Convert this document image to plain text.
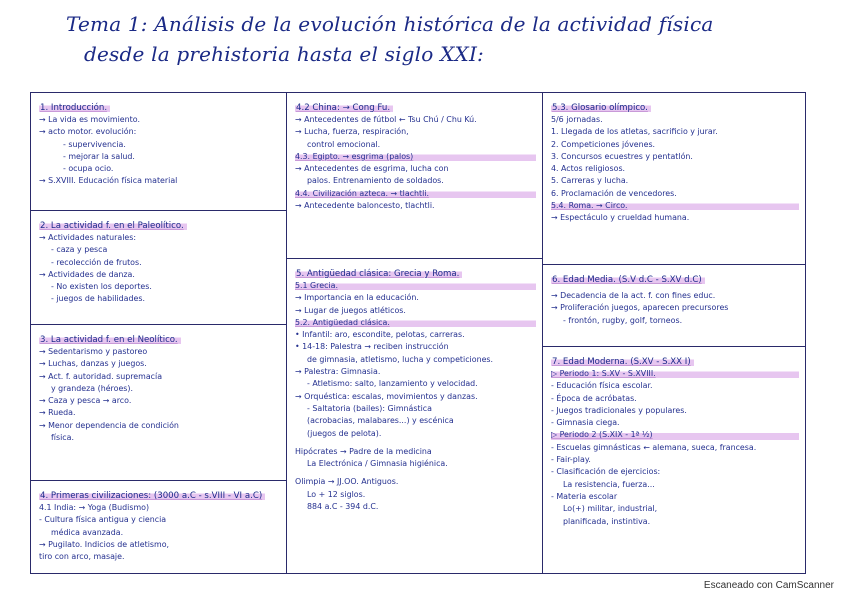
Tema 1: Análisis de la evolución histórica de la actividad física
desde la prehistoria hasta el siglo XXI:
1. Introducción.
→ La vida es movimiento.
→ acto motor. evolución:
- supervivencia.
- mejorar la salud.
- ocupa ocio.
→ S.XVIII. Educación física material
2. La actividad f. en el Paleolítico.
→ Actividades naturales:
- caza y pesca
- recolección de frutos.
→ Actividades de danza.
- No existen los deportes.
- juegos de habilidades.
3. La actividad f. en el Neolítico.
→ Sedentarismo y pastoreo
→ Luchas, danzas y juegos.
→ Act. f. autoridad. supremacía
y grandeza (héroes).
→ Caza y pesca → arco.
→ Rueda.
→ Menor dependencia de condición
física.
4. Primeras civilizaciones: (3000 a.C - s.VIII - VI a.C)
4.1 India: → Yoga (Budismo)
- Cultura física antigua y ciencia
médica avanzada.
→ Pugilato. Indicios de atletismo,
tiro con arco, masaje.
4.2 China: → Cong Fu.
→ Antecedentes de fútbol ← Tsu Chú / Chu Kú.
→ Lucha, fuerza, respiración,
control emocional.
4.3. Egipto. → esgrima (palos)
→ Antecedentes de esgrima, lucha con
palos. Entrenamiento de soldados.
4.4. Civilización azteca. → tlachtli.
→ Antecedente baloncesto, tlachtli.
5. Antigüedad clásica: Grecia y Roma.
5.1 Grecia.
→ Importancia en la educación.
→ Lugar de juegos atléticos.
5.2. Antigüedad clásica.
• Infantil: aro, escondite, pelotas, carreras.
• 14-18: Palestra → reciben instrucción
de gimnasia, atletismo, lucha y competiciones.
→ Palestra: Gimnasia.
- Atletismo: salto, lanzamiento y velocidad.
→ Orquéstica: escalas, movimientos y danzas.
- Saltatoria (bailes): Gimnástica
(acrobacias, malabares...) y escénica
(juegos de pelota).
Hipócrates → Padre de la medicina
La Electrónica / Gimnasia higiénica.
Olimpia → JJ.OO. Antiguos.
Lo + 12 siglos.
884 a.C - 394 d.C.
5.3. Glosario olímpico.
5/6 jornadas.
1. Llegada de los atletas, sacrificio y jurar.
2. Competiciones jóvenes.
3. Concursos ecuestres y pentatlón.
4. Actos religiosos.
5. Carreras y lucha.
6. Proclamación de vencedores.
5.4. Roma. → Circo.
→ Espectáculo y crueldad humana.
6. Edad Media. (S.V d.C - S.XV d.C)
→ Decadencia de la act. f. con fines educ.
→ Proliferación juegos, aparecen precursores
- frontón, rugby, golf, torneos.
7. Edad Moderna. (S.XV - S.XX I)
▷ Periodo 1: S.XV - S.XVIII.
- Educación física escolar.
- Época de acróbatas.
- Juegos tradicionales y populares.
- Gimnasia ciega.
▷ Periodo 2 (S.XIX - 1ª ½)
- Escuelas gimnásticas ← alemana, sueca, francesa.
- Fair-play.
- Clasificación de ejercicios:
La resistencia, fuerza...
- Materia escolar
Lo(+) militar, industrial,
planificada, instintiva.
Escaneado con CamScanner
